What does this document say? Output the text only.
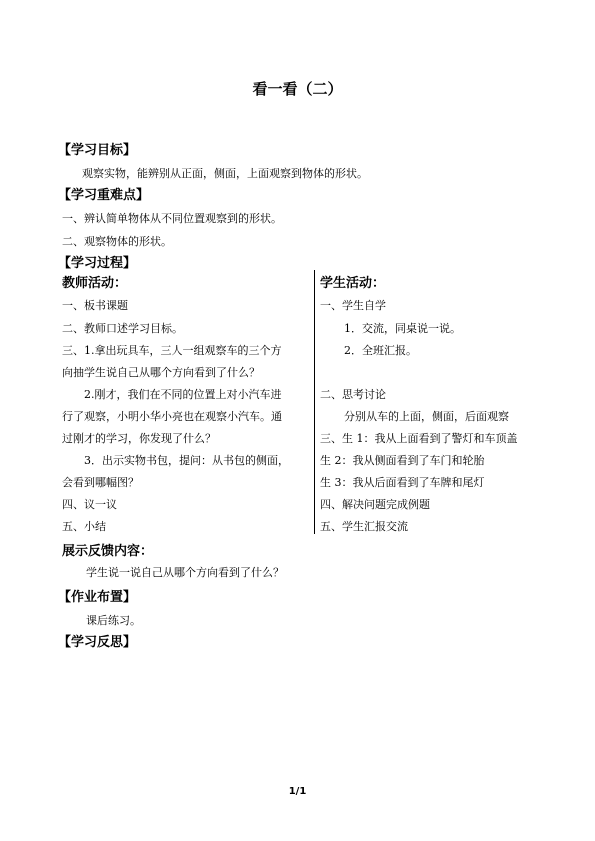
看一看（二）
【学习目标】
观察实物，能辨别从正面，侧面，上面观察到物体的形状。
【学习重难点】
一、辨认简单物体从不同位置观察到的形状。
二、观察物体的形状。
【学习过程】
教师活动：
一、板书课题
二、教师口述学习目标。
三、1.拿出玩具车，三人一组观察车的三个方
向抽学生说自己从哪个方向看到了什么？
2.刚才，我们在不同的位置上对小汽车进
行了观察，小明小华小亮也在观察小汽车。通
过刚才的学习，你发现了什么？
3．出示实物书包，提问：从书包的侧面，
会看到哪幅图？
四、议一议
五、小结
学生活动：
一、学生自学
1．交流，同桌说一说。
2．全班汇报。
二、思考讨论
分别从车的上面，侧面，后面观察
三、生 1：我从上面看到了警灯和车顶盖
生 2：我从侧面看到了车门和轮胎
生 3：我从后面看到了车牌和尾灯
四、解决问题完成例题
五、学生汇报交流
展示反馈内容：
学生说一说自己从哪个方向看到了什么？
【作业布置】
课后练习。
【学习反思】
1/1
